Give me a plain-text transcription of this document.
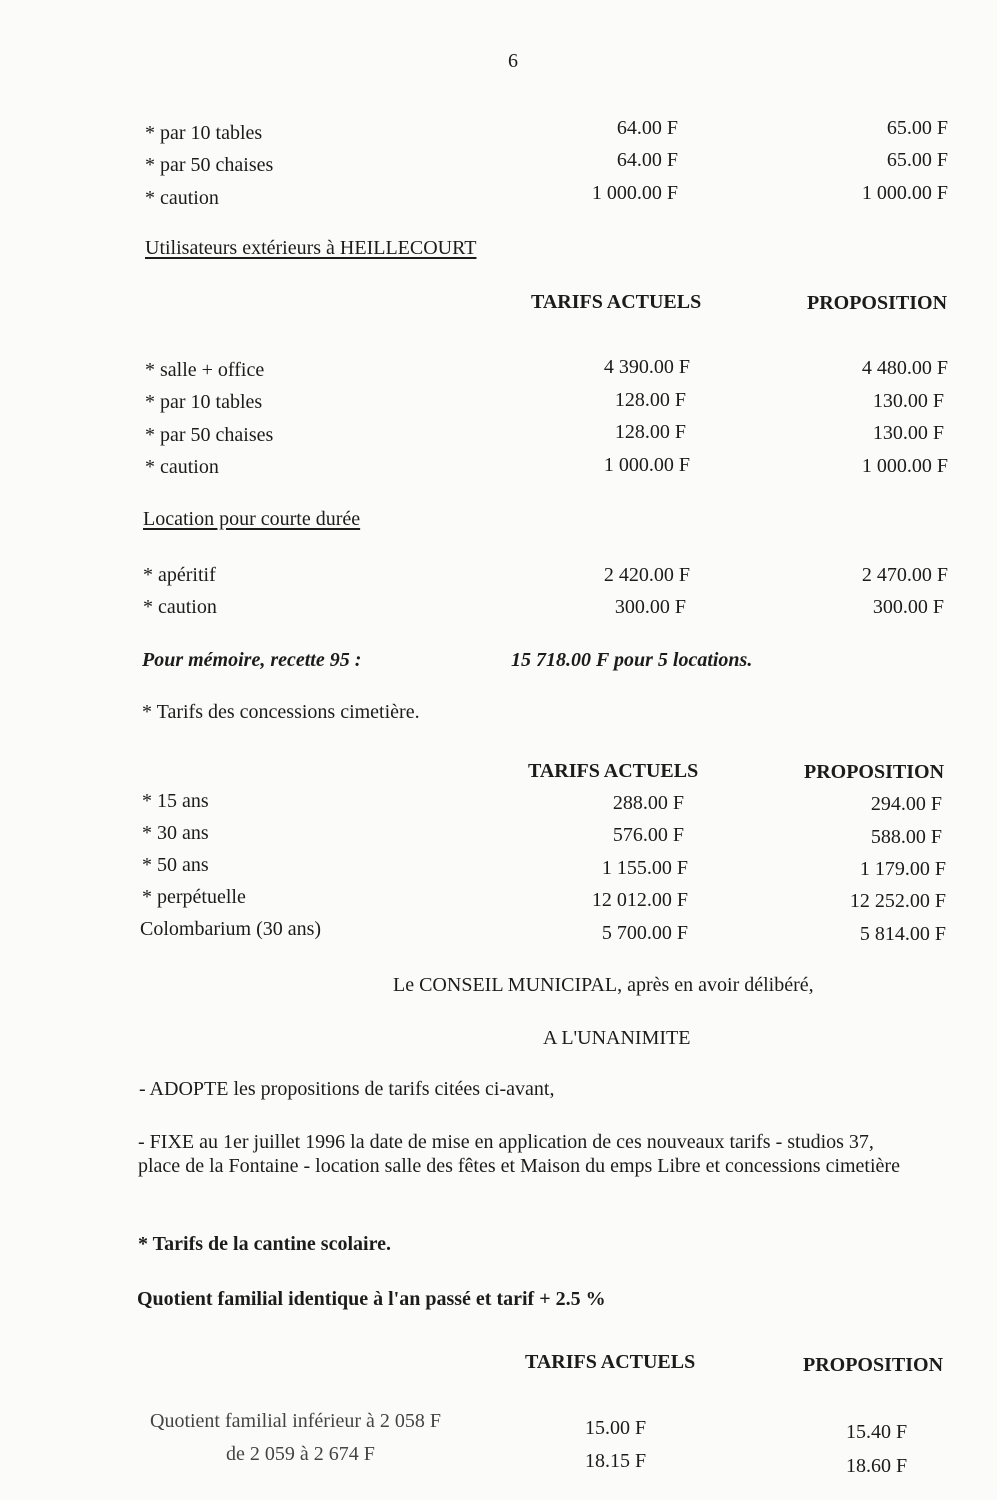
6
* par 10 tables	64.00 F	65.00 F
* par 50 chaises	64.00 F	65.00 F
* caution	1 000.00 F	1 000.00 F
Utilisateurs extérieurs à HEILLECOURT
TARIFS ACTUELS	PROPOSITION
* salle + office	4 390.00 F	4 480.00 F
* par 10 tables	128.00 F	130.00 F
* par 50 chaises	128.00 F	130.00 F
* caution	1 000.00 F	1 000.00 F
Location pour courte durée
* apéritif	2 420.00 F	2 470.00 F
* caution	300.00 F	300.00 F
Pour mémoire, recette 95 :	15 718.00 F pour 5 locations.
* Tarifs des concessions cimetière.
TARIFS ACTUELS	PROPOSITION
* 15 ans	288.00 F	294.00 F
* 30 ans	576.00 F	588.00 F
* 50 ans	1 155.00 F	1 179.00 F
* perpétuelle	12 012.00 F	12 252.00 F
Colombarium (30 ans)	5 700.00 F	5 814.00 F
Le CONSEIL MUNICIPAL, après en avoir délibéré,
A L'UNANIMITE
- ADOPTE les propositions de tarifs citées ci-avant,
- FIXE au 1er juillet 1996 la date de mise en application de ces nouveaux tarifs - studios 37, place de la Fontaine - location salle des fêtes et Maison du emps Libre et concessions cimetière
* Tarifs de la cantine scolaire.
Quotient familial identique à l'an passé et tarif + 2.5 %
TARIFS ACTUELS	PROPOSITION
Quotient familial inférieur à 2 058 F	15.00 F	15.40 F
de 2 059 à 2 674 F	18.15 F	18.60 F
